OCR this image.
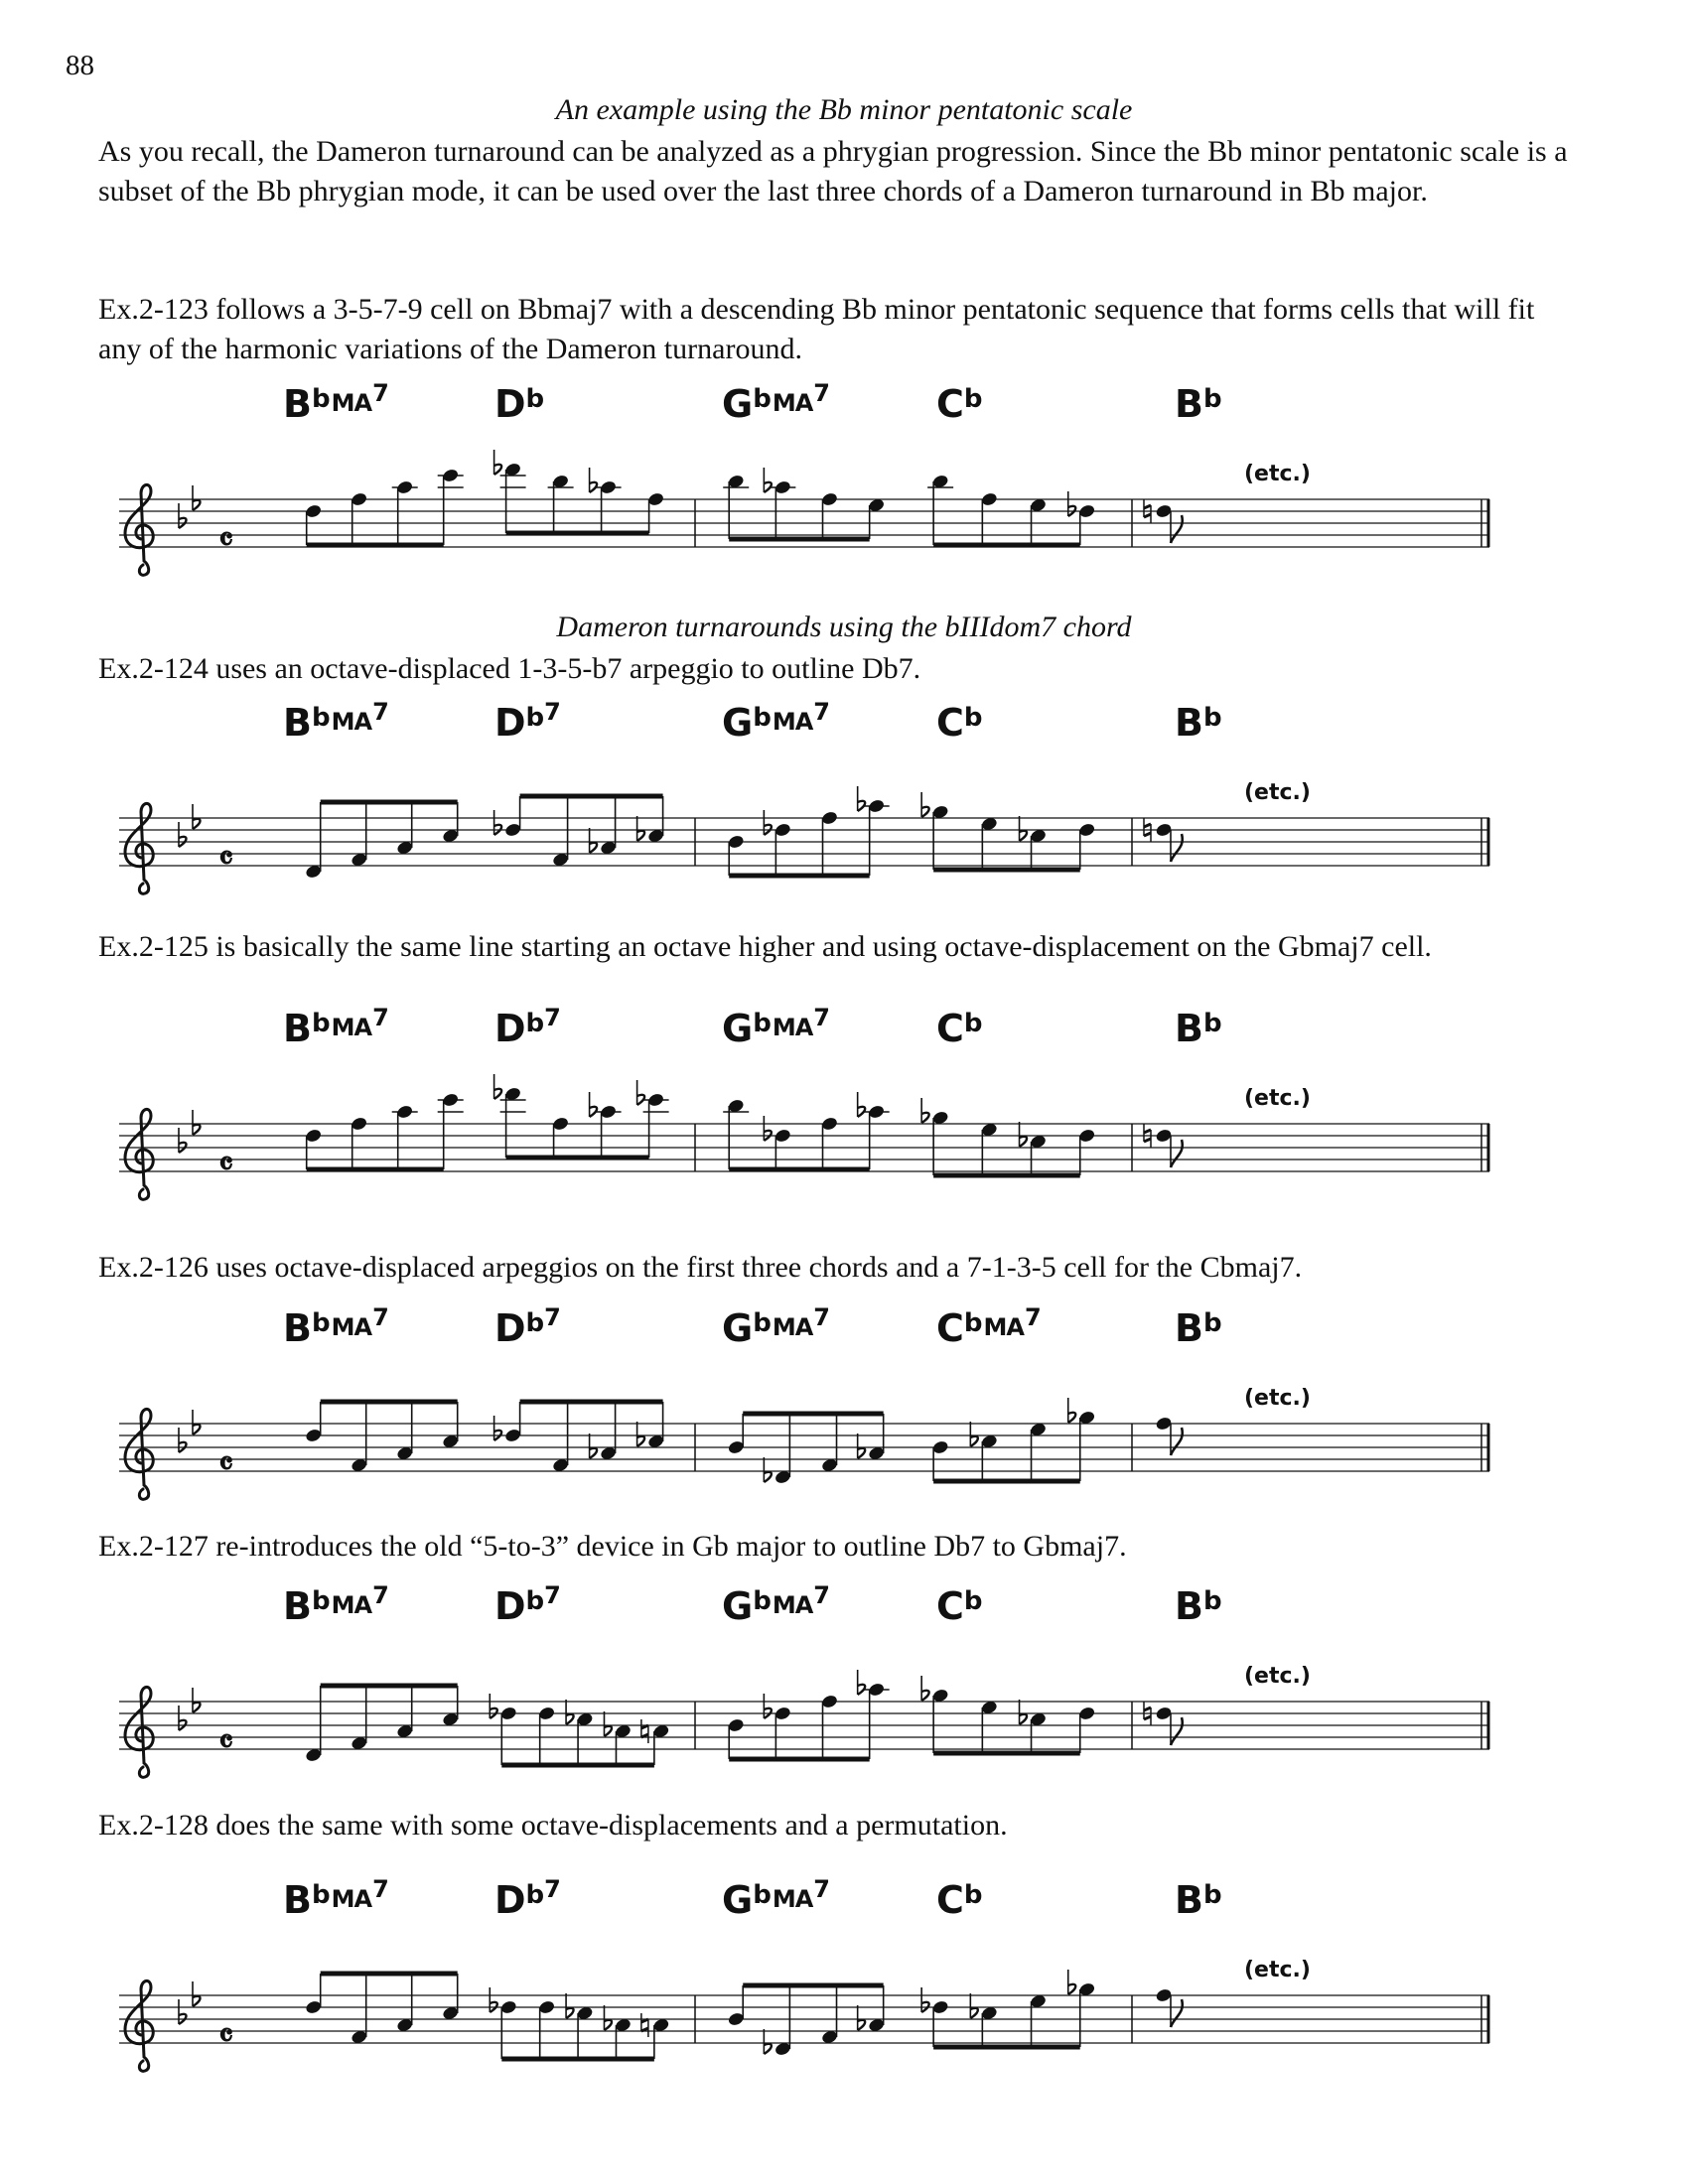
88
An example using the Bb minor pentatonic scale

As you recall, the Dameron turnaround can be analyzed as a phrygian progression. Since the Bb minor pentatonic scale is a subset of the Bb phrygian mode, it can be used over the last three chords of a Dameron turnaround in Bb major.

Ex.2-123 follows a 3-5-7-9 cell on Bbmaj7 with a descending Bb minor pentatonic sequence that forms cells that will fit any of the harmonic variations of the Dameron turnaround.

$B^bMA^7$	$D^b$	$G^bMA^7$	$C^b$	$B^b$
(etc.)
𝄴
Dameron turnarounds using the bIIIdom7 chord

Ex.2-124 uses an octave-displaced 1-3-5-b7 arpeggio to outline Db7.

$B^bMA^7$	$D^{b7}$	$G^bMA^7$	$C^b$	$B^b$
(etc.)
𝄴

Ex.2-125 is basically the same line starting an octave higher and using octave-displacement on the Gbmaj7 cell.

$B^bMA^7$	$D^{b7}$	$G^bMA^7$	$C^b$	$B^b$
(etc.)
𝄴

Ex.2-126 uses octave-displaced arpeggios on the first three chords and a 7-1-3-5 cell for the Cbmaj7.

$B^bMA^7$	$D^{b7}$	$G^bMA^7$	$C^bMA^7$	$B^b$
(etc.)
𝄴

Ex.2-127 re-introduces the old “5-to-3” device in Gb major to outline Db7 to Gbmaj7.

$B^bMA^7$	$D^{b7}$	$G^bMA^7$	$C^b$	$B^b$
(etc.)
𝄴

Ex.2-128 does the same with some octave-displacements and a permutation.

$B^bMA^7$	$D^{b7}$	$G^bMA^7$	$C^b$	$B^b$
(etc.)
𝄴
